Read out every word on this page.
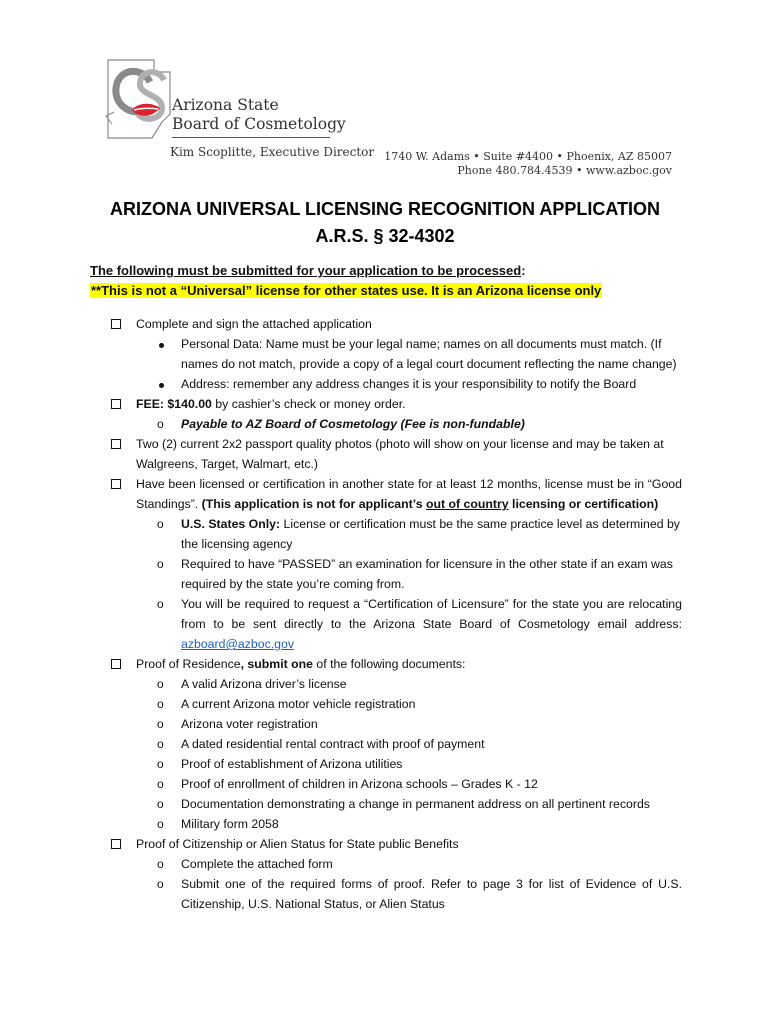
Arizona State
Board of Cosmetology
Kim Scoplitte, Executive Director 1740 W. Adams • Suite #4400 • Phoenix, AZ 85007
Phone 480.784.4539 • www.azboc.gov
ARIZONA UNIVERSAL LICENSING RECOGNITION APPLICATION
A.R.S. § 32-4302
The following must be submitted for your application to be processed:
**This is not a “Universal” license for other states use. It is an Arizona license only
Complete and sign the attached application
Personal Data: Name must be your legal name; names on all documents must match. (If names do not match, provide a copy of a legal court document reflecting the name change)
Address: remember any address changes it is your responsibility to notify the Board
FEE: $140.00 by cashier’s check or money order.
o Payable to AZ Board of Cosmetology (Fee is non-fundable)
Two (2) current 2x2 passport quality photos (photo will show on your license and may be taken at Walgreens, Target, Walmart, etc.)
Have been licensed or certification in another state for at least 12 months, license must be in “Good Standings”. (This application is not for applicant’s out of country licensing or certification)
o U.S. States Only: License or certification must be the same practice level as determined by the licensing agency
o Required to have “PASSED” an examination for licensure in the other state if an exam was required by the state you’re coming from.
o You will be required to request a “Certification of Licensure” for the state you are relocating from to be sent directly to the Arizona State Board of Cosmetology email address: azboard@azboc.gov
Proof of Residence, submit one of the following documents:
o A valid Arizona driver’s license
o A current Arizona motor vehicle registration
o Arizona voter registration
o A dated residential rental contract with proof of payment
o Proof of establishment of Arizona utilities
o Proof of enrollment of children in Arizona schools – Grades K - 12
o Documentation demonstrating a change in permanent address on all pertinent records
o Military form 2058
Proof of Citizenship or Alien Status for State public Benefits
o Complete the attached form
o Submit one of the required forms of proof. Refer to page 3 for list of Evidence of U.S. Citizenship, U.S. National Status, or Alien Status
